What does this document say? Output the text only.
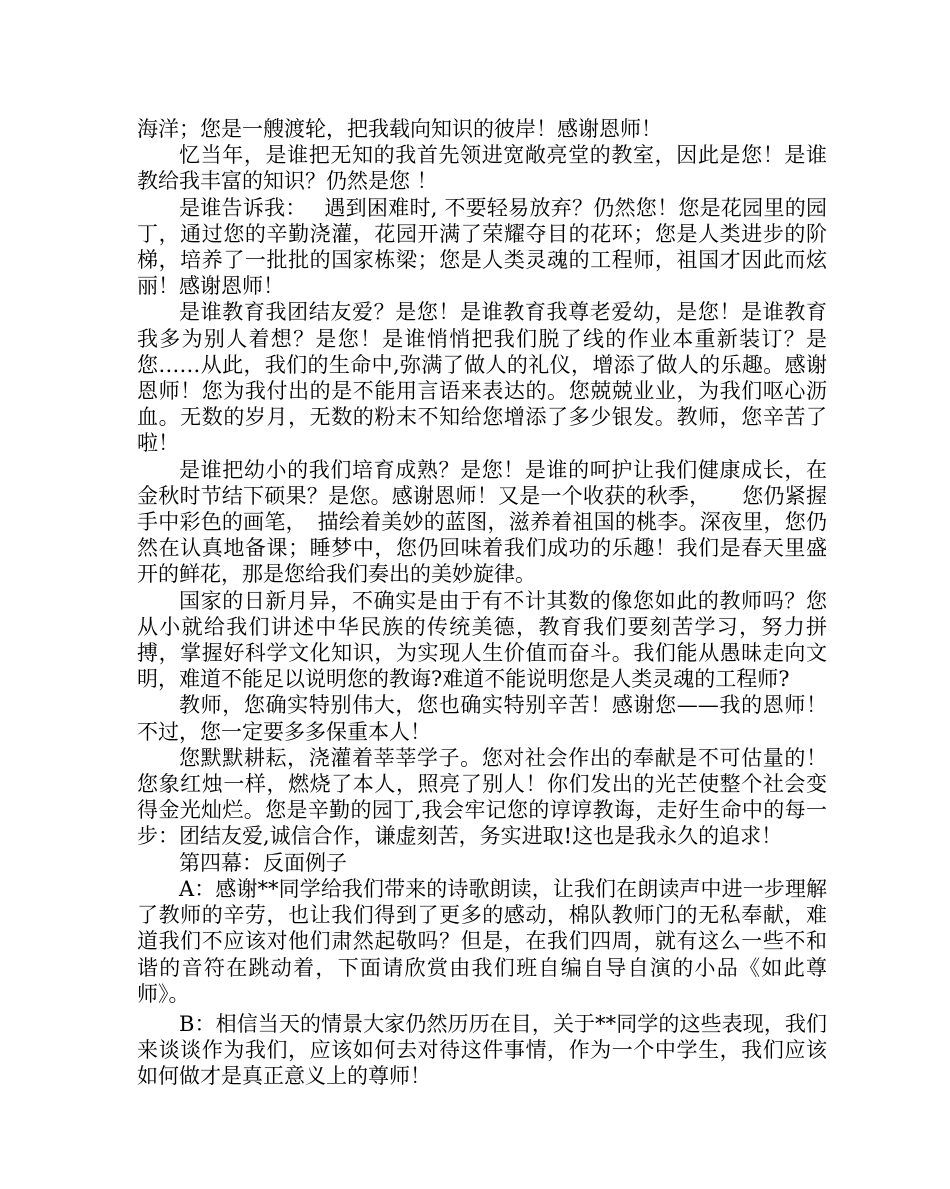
海洋；您是一艘渡轮，把我载向知识的彼岸！感谢恩师！

忆当年，是谁把无知的我首先领进宽敞亮堂的教室，因此是您！是谁教给我丰富的知识？仍然是您 ！

是谁告诉我：　 遇到困难时, 不要轻易放弃？仍然您！您是花园里的园丁，通过您的辛勤浇灌，花园开满了荣耀夺目的花环；您是人类进步的阶梯，培养了一批批的国家栋梁；您是人类灵魂的工程师，祖国才因此而炫丽！感谢恩师！

是谁教育我团结友爱？是您！是谁教育我尊老爱幼，是您！是谁教育我多为别人着想？是您！是谁悄悄把我们脱了线的作业本重新装订？是您……从此，我们的生命中,弥满了做人的礼仪，增添了做人的乐趣。感谢恩师！您为我付出的是不能用言语来表达的。您兢兢业业，为我们呕心沥血。无数的岁月，无数的粉末不知给您增添了多少银发。教师，您辛苦了啦！

是谁把幼小的我们培育成熟？是您！是谁的呵护让我们健康成长，在金秋时节结下硕果？是您。感谢恩师！又是一个收获的秋季，　　您仍紧握手中彩色的画笔，　描绘着美妙的蓝图，滋养着祖国的桃李。深夜里，您仍然在认真地备课；睡梦中，您仍回味着我们成功的乐趣！我们是春天里盛开的鲜花，那是您给我们奏出的美妙旋律。

国家的日新月异，不确实是由于有不计其数的像您如此的教师吗？您从小就给我们讲述中华民族的传统美德，教育我们要刻苦学习，努力拼搏，掌握好科学文化知识，为实现人生价值而奋斗。我们能从愚昧走向文明，难道不能足以说明您的教诲?难道不能说明您是人类灵魂的工程师?

教师，您确实特别伟大，您也确实特别辛苦！感谢您——我的恩师！不过，您一定要多多保重本人！

您默默耕耘，浇灌着莘莘学子。您对社会作出的奉献是不可估量的！您象红烛一样，燃烧了本人，照亮了别人！你们发出的光芒使整个社会变得金光灿烂。您是辛勤的园丁,我会牢记您的谆谆教诲，走好生命中的每一步：团结友爱,诚信合作，谦虚刻苦，务实进取!这也是我永久的追求！

第四幕：反面例子

A：感谢**同学给我们带来的诗歌朗读，让我们在朗读声中进一步理解了教师的辛劳，也让我们得到了更多的感动，棉队教师门的无私奉献，难道我们不应该对他们肃然起敬吗？但是，在我们四周，就有这么一些不和谐的音符在跳动着，下面请欣赏由我们班自编自导自演的小品《如此尊师》。

B：相信当天的情景大家仍然历历在目，关于**同学的这些表现，我们来谈谈作为我们，应该如何去对待这件事情，作为一个中学生，我们应该如何做才是真正意义上的尊师！
